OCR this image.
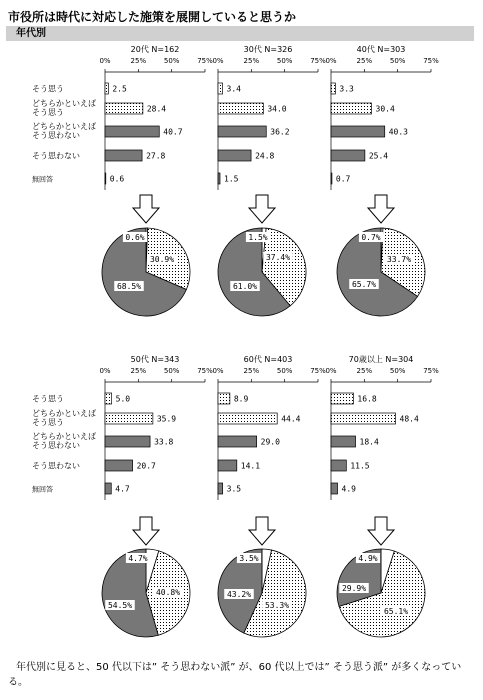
市役所は時代に対応した施策を展開していると思うか
年代別
20代 N=162
0%	25%	50%	75%
2.5
28.4
40.7
27.8
0.6
30代 N=326
0%	25%	50%	75%
3.4
34.0
36.2
24.8
1.5
40代 N=303
0%	25%	50%	75%
3.3
30.4
40.3
25.4
0.7
50代 N=343
0%	25%	50%	75%
5.0
35.9
33.8
20.7
4.7
60代 N=403
0%	25%	50%	75%
8.9
44.4
29.0
14.1
3.5
70歳以上 N=304
0%	25%	50%	75%
16.8
48.4
18.4
11.5
4.9
そう思う
どちらかといえば
そう思う
どちらかといえば
そう思わない
そう思わない
無回答
そう思う
どちらかといえば
そう思う
どちらかといえば
そう思わない
そう思わない
無回答
0.6%
30.9%
68.5%
1.5%
37.4%
61.0%
0.7%
33.7%
65.7%
4.7%
40.8%
54.5%
3.5%
53.3%
43.2%
4.9%
65.1%
29.9%
年代別に見ると、50 代以下は” そう思わない派” が、60 代以上では” そう思う派” が多くなっている。
